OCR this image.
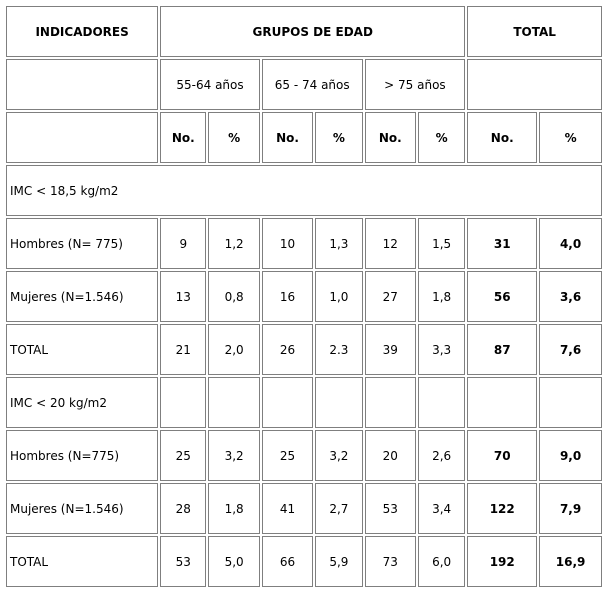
INDICADORES	GRUPOS DE EDAD						TOTAL	
	55-64 años		65 - 74 años		> 75 años			
	No.	%	No.	%	No.	%	No.	%
IMC < 18,5 kg/m2								
Hombres (N= 775)	9	1,2	10	1,3	12	1,5	31	4,0
Mujeres (N=1.546)	13	0,8	16	1,0	27	1,8	56	3,6
TOTAL	21	2,0	26	2.3	39	3,3	87	7,6
IMC < 20 kg/m2								
Hombres (N=775)	25	3,2	25	3,2	20	2,6	70	9,0
Mujeres (N=1.546)	28	1,8	41	2,7	53	3,4	122	7,9
TOTAL	53	5,0	66	5,9	73	6,0	192	16,9
